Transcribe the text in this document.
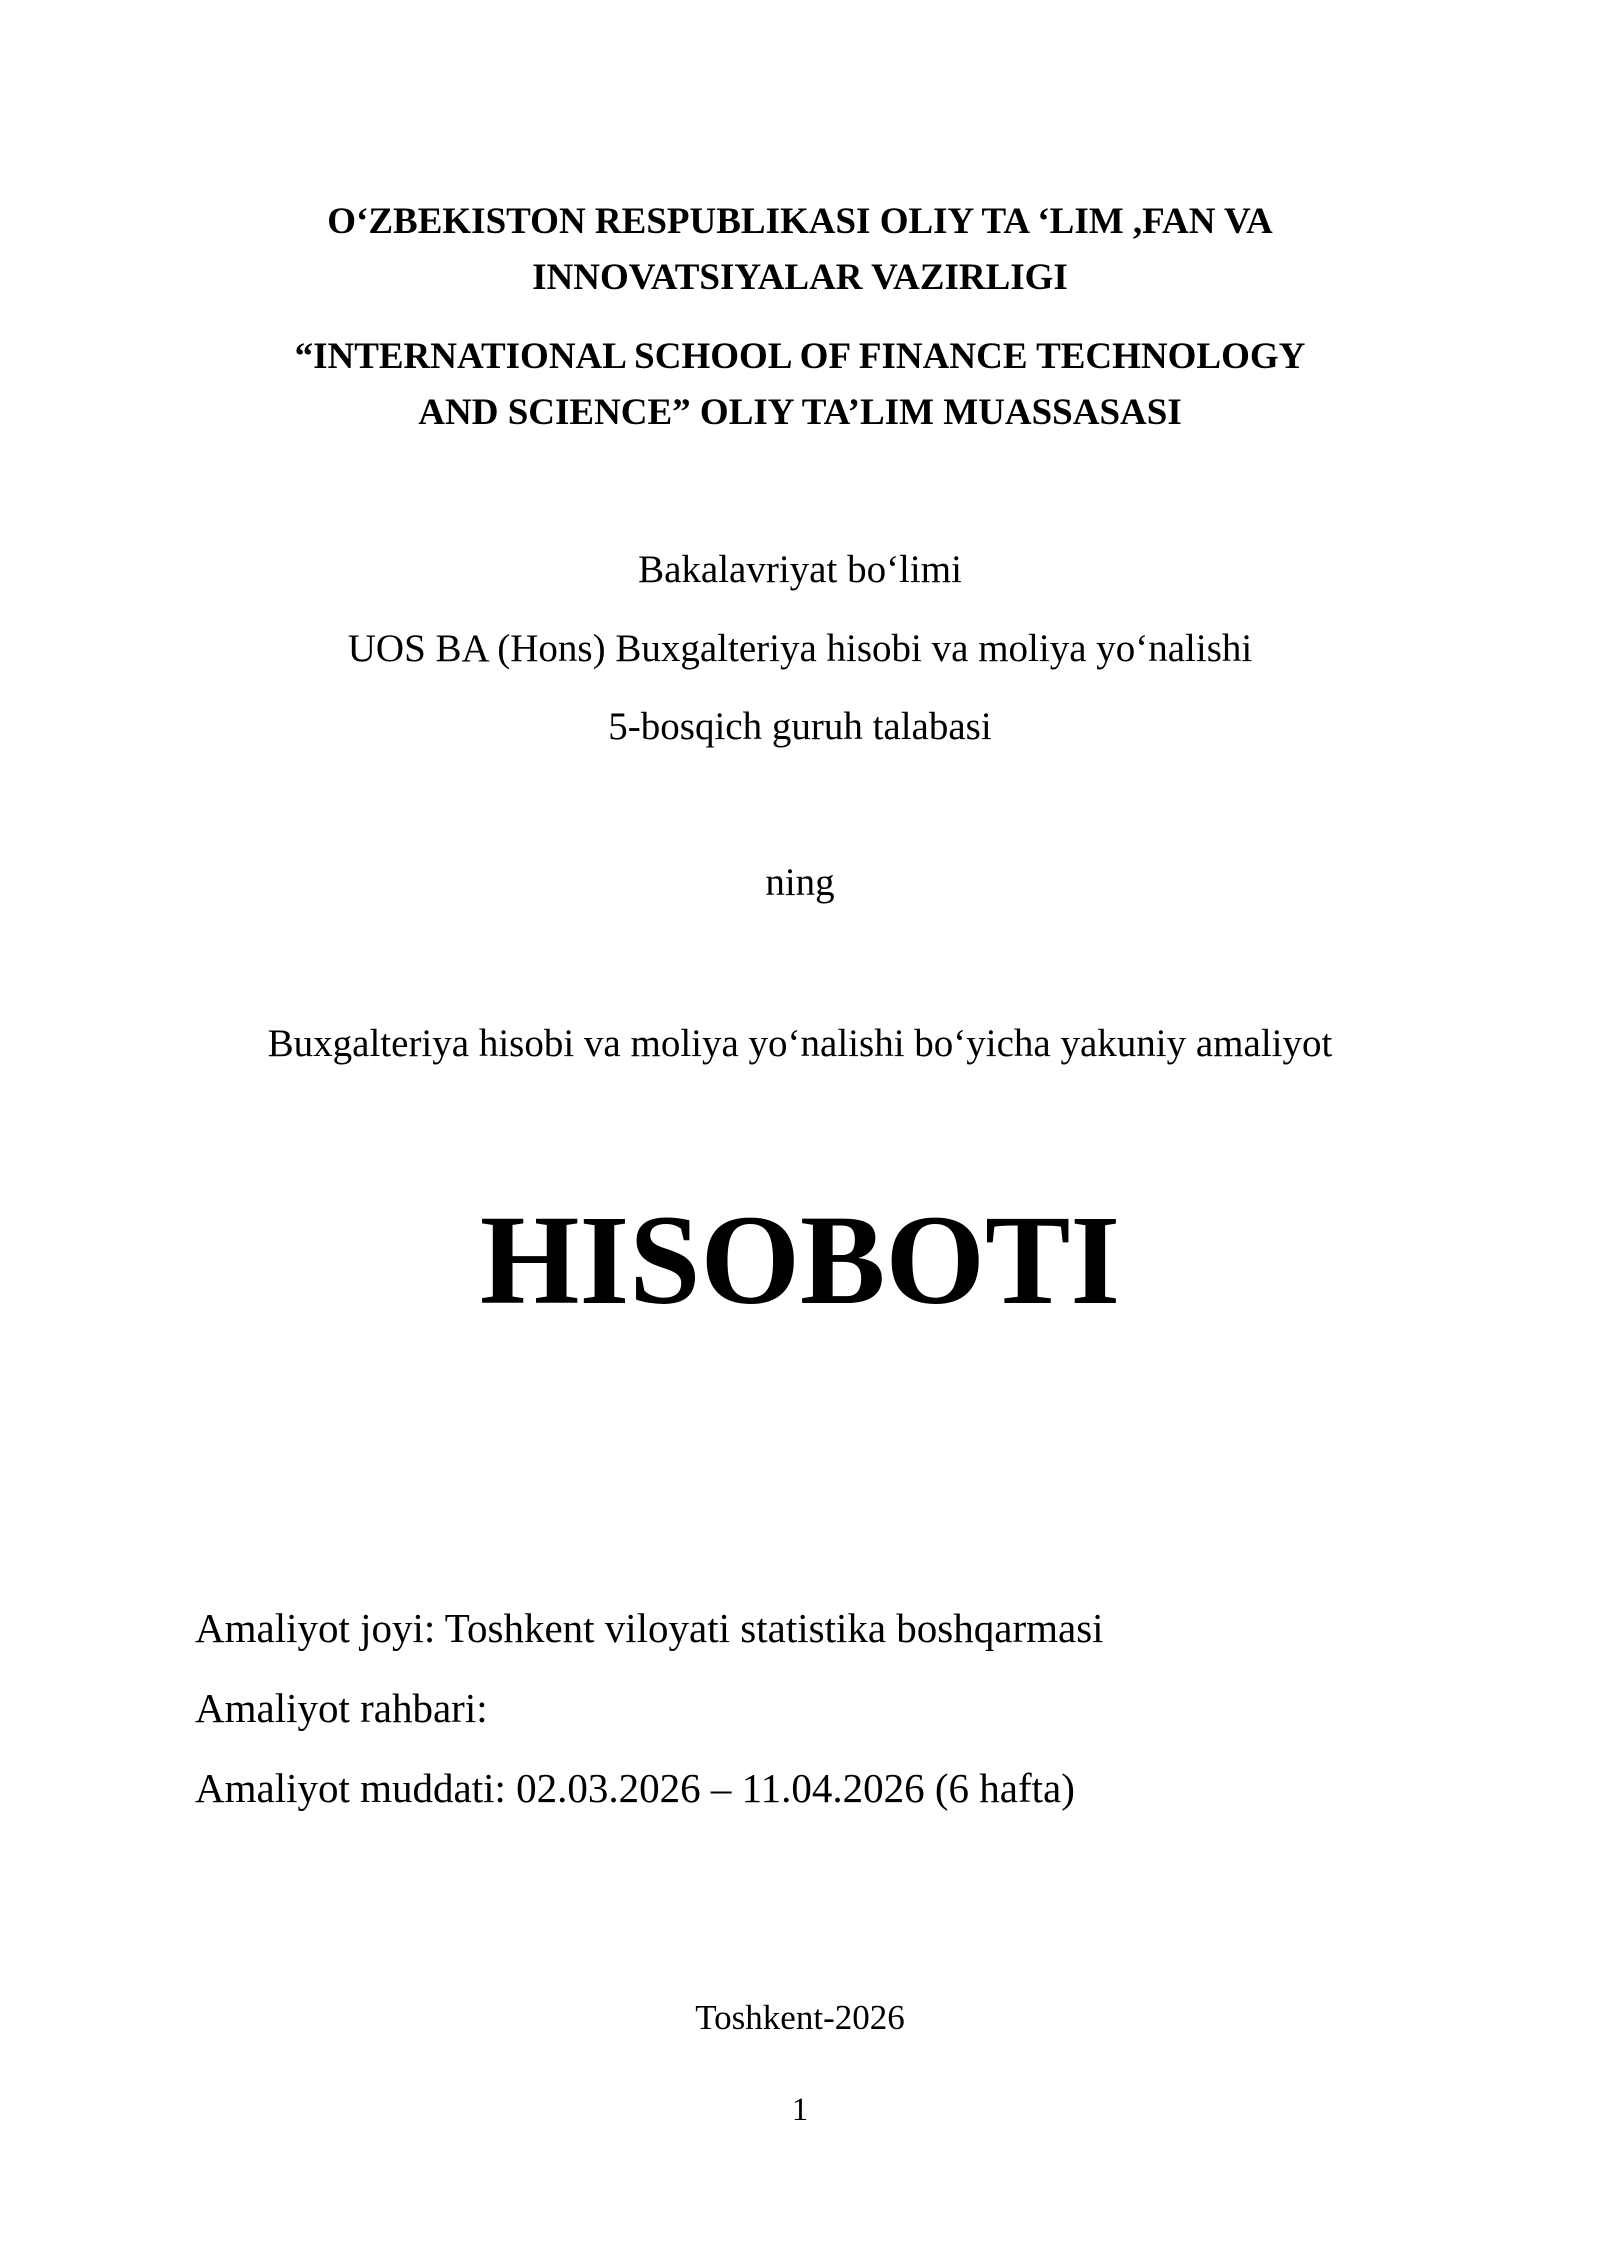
O‘ZBEKISTON RESPUBLIKASI OLIY TA ‘LIM ,FAN VA
INNOVATSIYALAR VAZIRLIGI
“INTERNATIONAL SCHOOL OF FINANCE TECHNOLOGY
AND SCIENCE” OLIY TA’LIM MUASSASASI
Bakalavriyat bo‘limi
UOS BA (Hons) Buxgalteriya hisobi va moliya yo‘nalishi
5-bosqich guruh talabasi
ning
Buxgalteriya hisobi va moliya yo‘nalishi bo‘yicha yakuniy amaliyot
HISOBOTI
Amaliyot joyi: Toshkent viloyati statistika boshqarmasi
Amaliyot rahbari:
Amaliyot muddati: 02.03.2026 – 11.04.2026 (6 hafta)
Toshkent-2026
1
